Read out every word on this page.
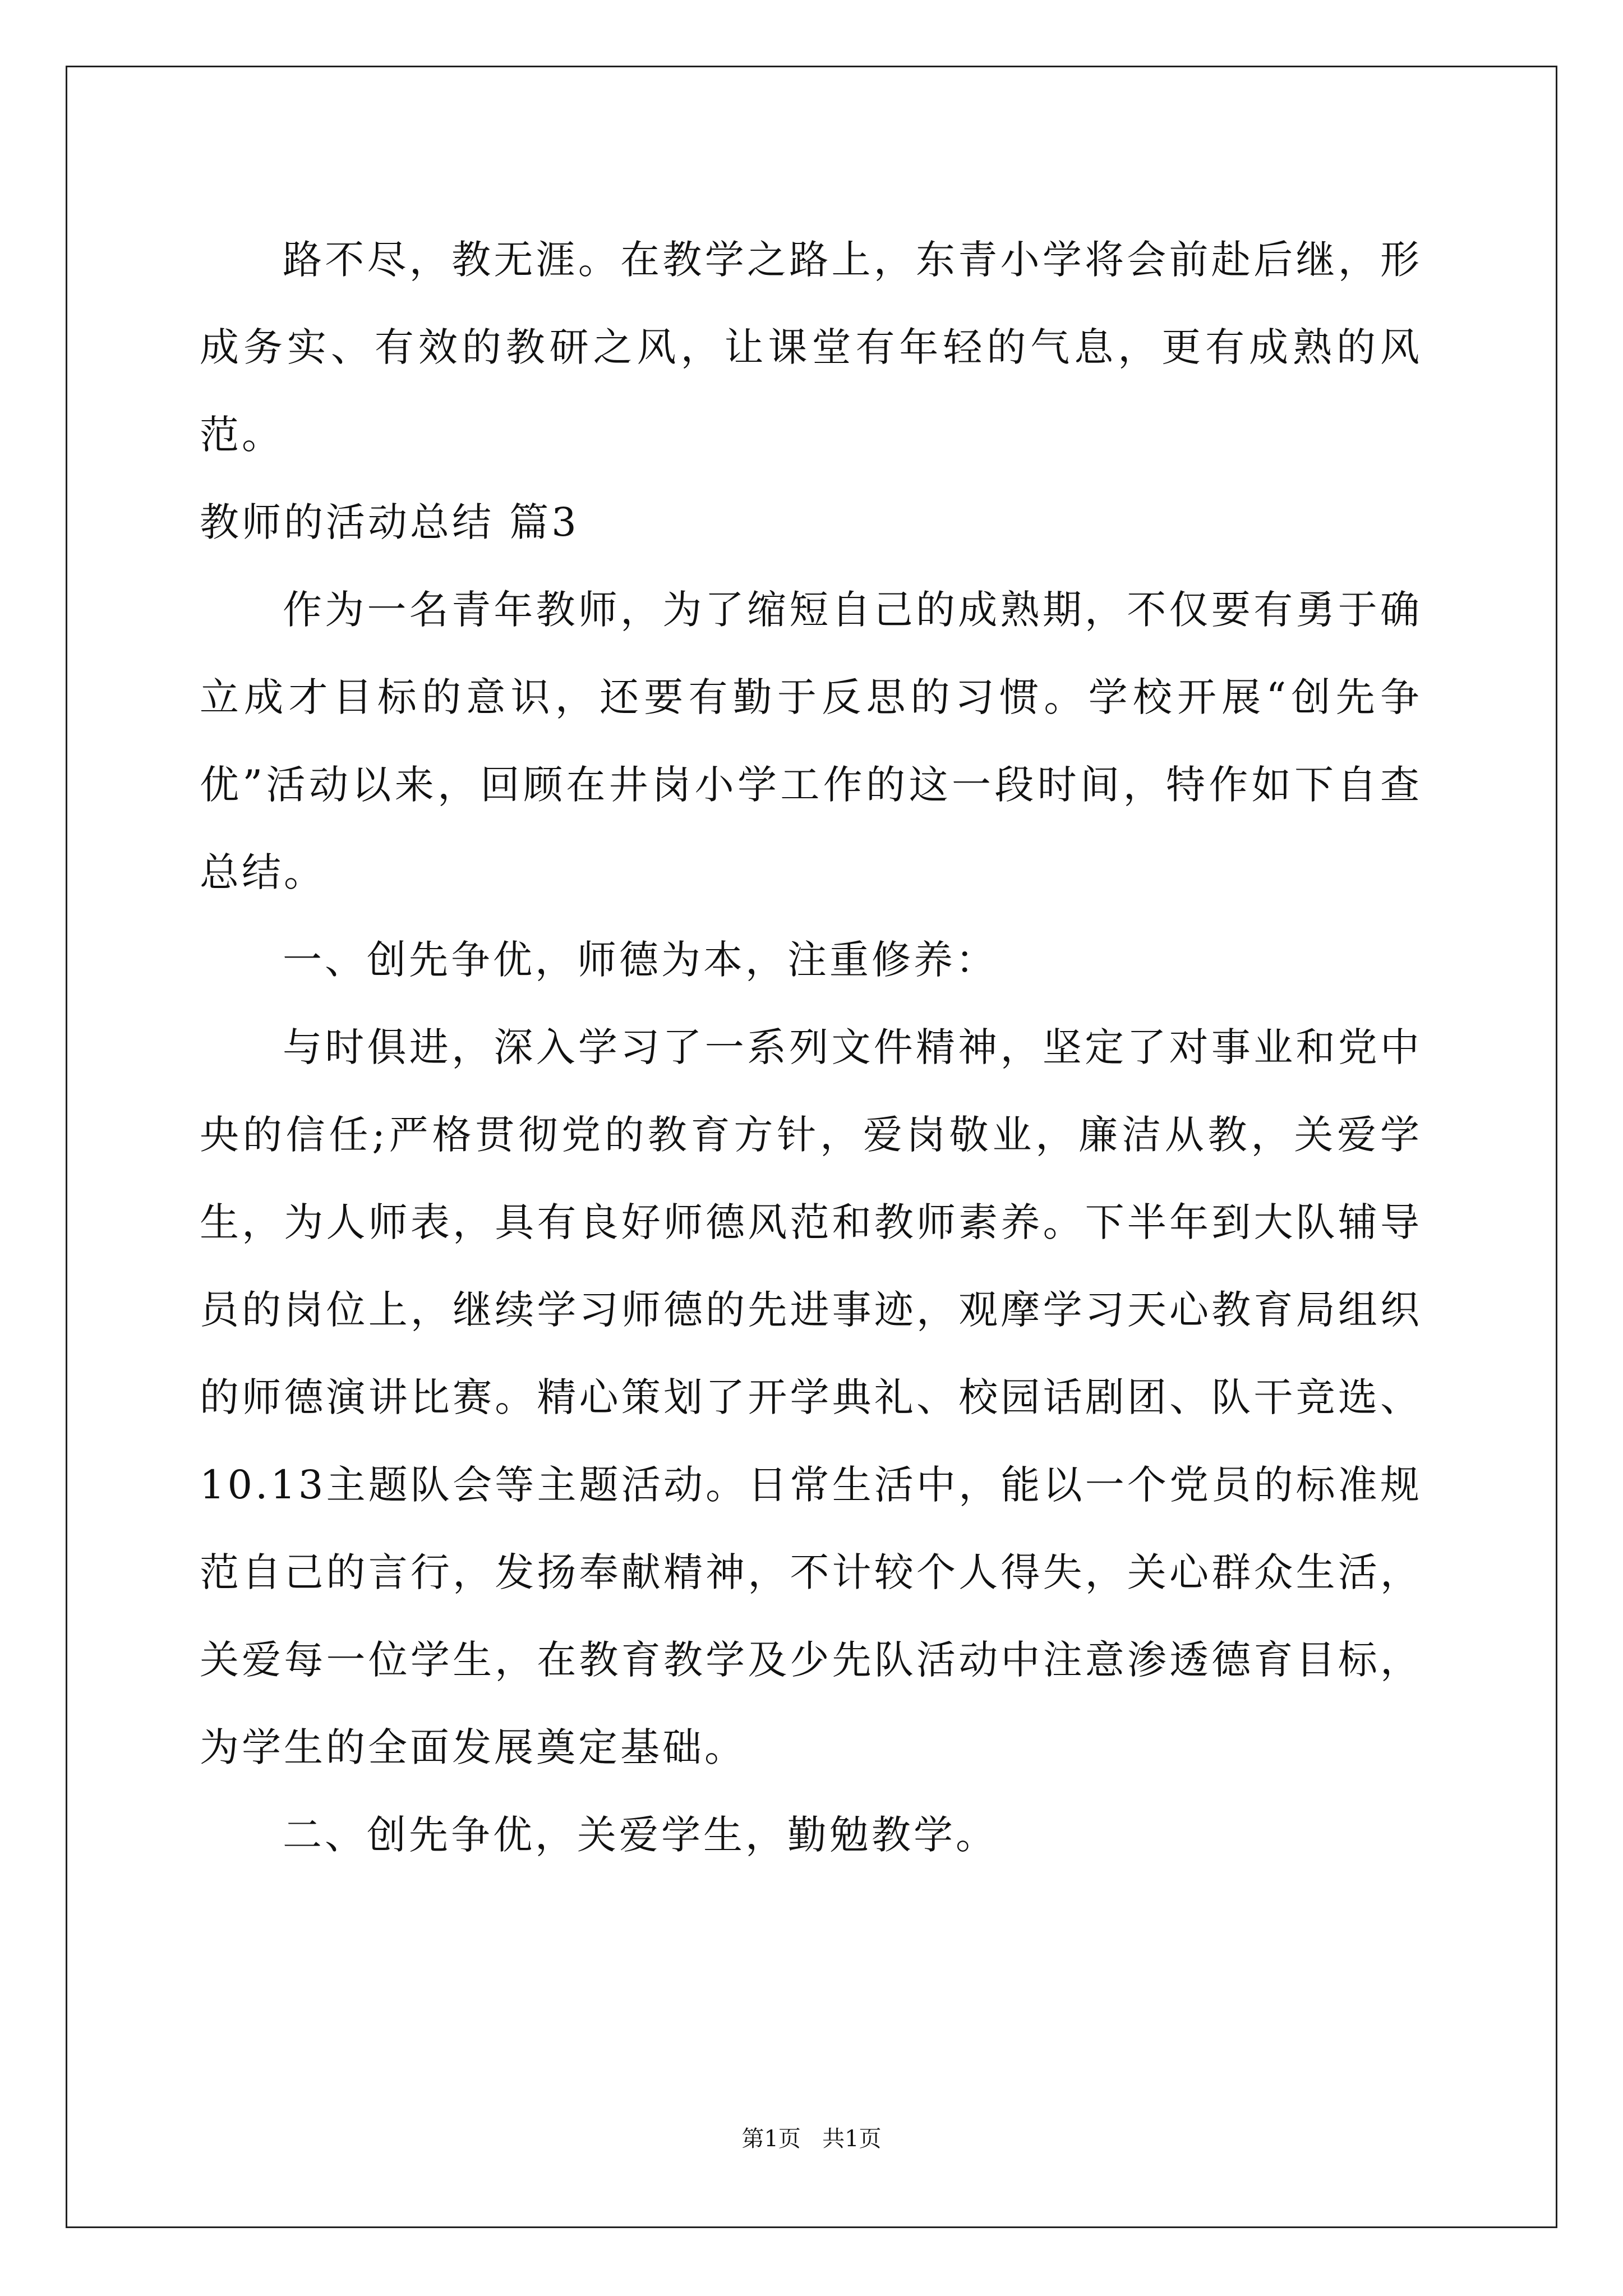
路不尽，教无涯。在教学之路上，东青小学将会前赴后继，形成务实、有效的教研之风，让课堂有年轻的气息，更有成熟的风范。

教师的活动总结 篇3

作为一名青年教师，为了缩短自己的成熟期，不仅要有勇于确立成才目标的意识，还要有勤于反思的习惯。学校开展“创先争优”活动以来，回顾在井岗小学工作的这一段时间，特作如下自查总结。

一、创先争优，师德为本，注重修养：

与时俱进，深入学习了一系列文件精神，坚定了对事业和党中央的信任;严格贯彻党的教育方针，爱岗敬业，廉洁从教，关爱学生，为人师表，具有良好师德风范和教师素养。下半年到大队辅导员的岗位上，继续学习师德的先进事迹，观摩学习天心教育局组织的师德演讲比赛。精心策划了开学典礼、校园话剧团、队干竞选、10.13主题队会等主题活动。日常生活中，能以一个党员的标准规范自己的言行，发扬奉献精神，不计较个人得失，关心群众生活，关爱每一位学生，在教育教学及少先队活动中注意渗透德育目标，为学生的全面发展奠定基础。

二、创先争优，关爱学生，勤勉教学。

第1页 共1页
